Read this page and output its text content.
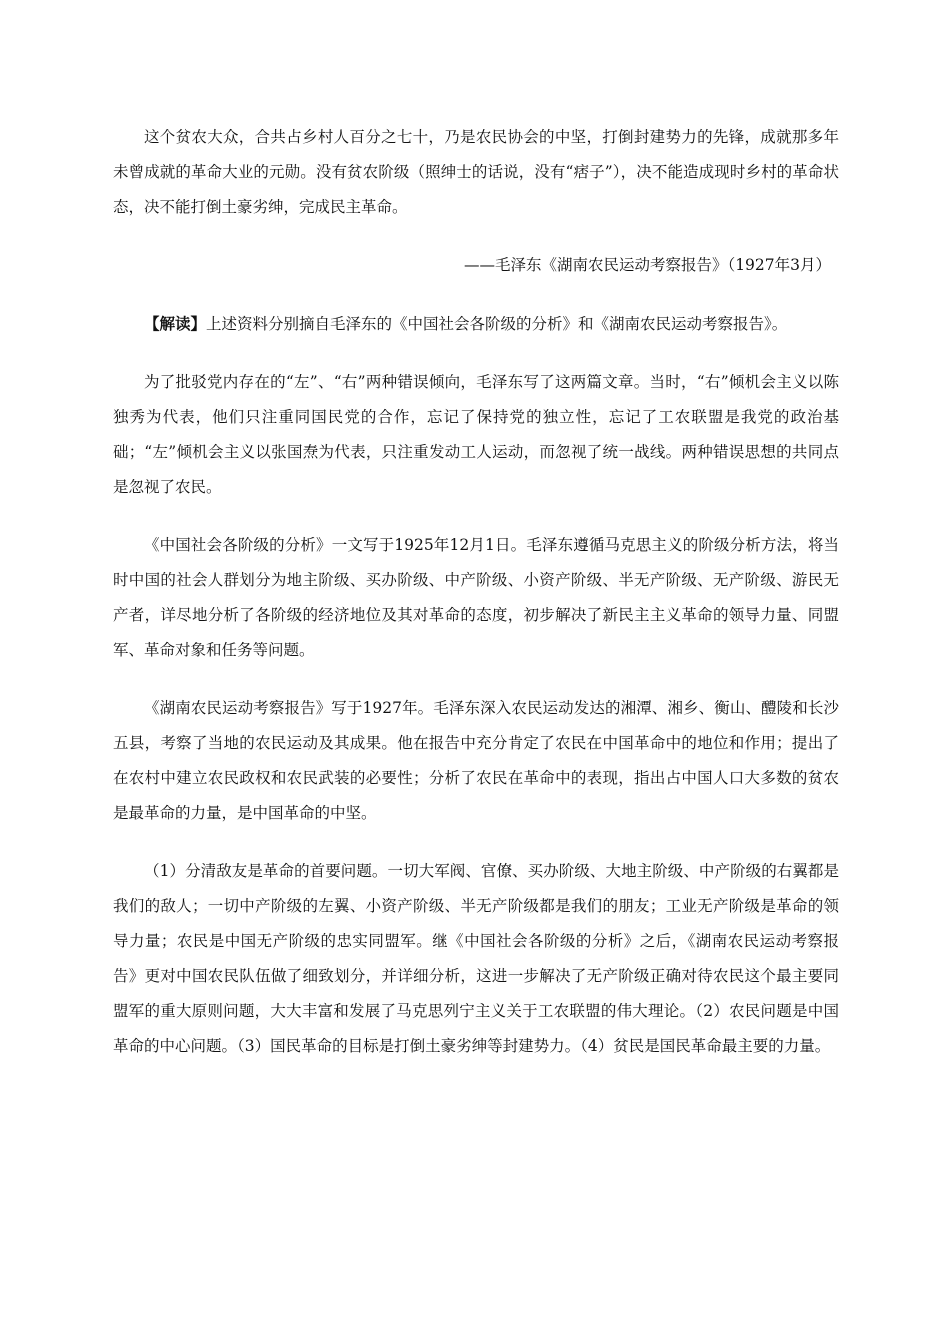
这个贫农大众，合共占乡村人百分之七十，乃是农民协会的中坚，打倒封建势力的先锋，成就那多年未曾成就的革命大业的元勋。没有贫农阶级（照绅士的话说，没有“痞子”），决不能造成现时乡村的革命状态，决不能打倒土豪劣绅，完成民主革命。

——毛泽东《湖南农民运动考察报告》（1927年3月）

【解读】上述资料分别摘自毛泽东的《中国社会各阶级的分析》和《湖南农民运动考察报告》。

为了批驳党内存在的“左”、“右”两种错误倾向，毛泽东写了这两篇文章。当时，“右”倾机会主义以陈独秀为代表，他们只注重同国民党的合作，忘记了保持党的独立性，忘记了工农联盟是我党的政治基础；“左”倾机会主义以张国焘为代表，只注重发动工人运动，而忽视了统一战线。两种错误思想的共同点是忽视了农民。

《中国社会各阶级的分析》一文写于1925年12月1日。毛泽东遵循马克思主义的阶级分析方法，将当时中国的社会人群划分为地主阶级、买办阶级、中产阶级、小资产阶级、半无产阶级、无产阶级、游民无产者，详尽地分析了各阶级的经济地位及其对革命的态度，初步解决了新民主主义革命的领导力量、同盟军、革命对象和任务等问题。

《湖南农民运动考察报告》写于1927年。毛泽东深入农民运动发达的湘潭、湘乡、衡山、醴陵和长沙五县，考察了当地的农民运动及其成果。他在报告中充分肯定了农民在中国革命中的地位和作用；提出了在农村中建立农民政权和农民武装的必要性；分析了农民在革命中的表现，指出占中国人口大多数的贫农是最革命的力量，是中国革命的中坚。

（1）分清敌友是革命的首要问题。一切大军阀、官僚、买办阶级、大地主阶级、中产阶级的右翼都是我们的敌人；一切中产阶级的左翼、小资产阶级、半无产阶级都是我们的朋友；工业无产阶级是革命的领导力量；农民是中国无产阶级的忠实同盟军。继《中国社会各阶级的分析》之后，《湖南农民运动考察报告》更对中国农民队伍做了细致划分，并详细分析，这进一步解决了无产阶级正确对待农民这个最主要同盟军的重大原则问题，大大丰富和发展了马克思列宁主义关于工农联盟的伟大理论。（2）农民问题是中国革命的中心问题。（3）国民革命的目标是打倒土豪劣绅等封建势力。（4）贫民是国民革命最主要的力量。
